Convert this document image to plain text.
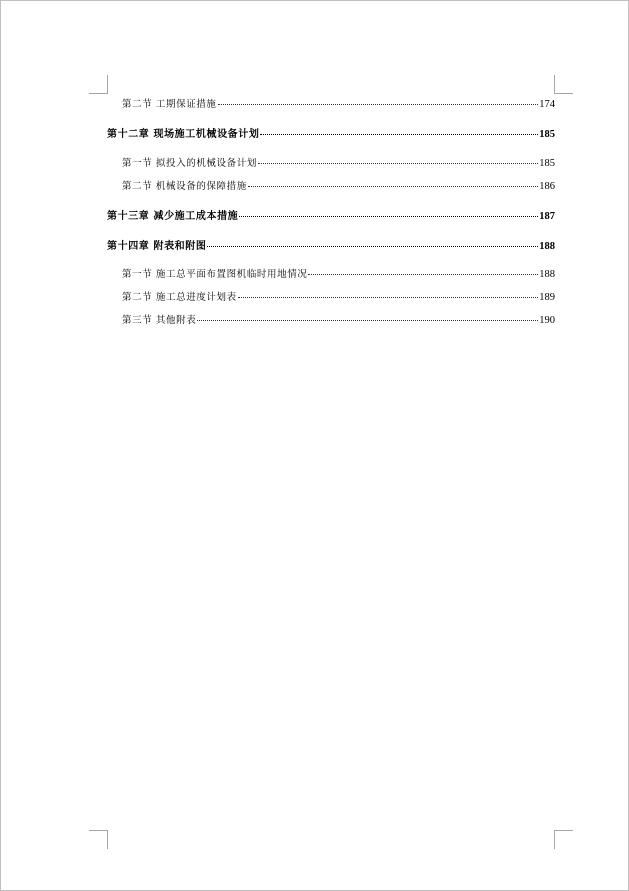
第二节 工期保证措施	174
第十二章 现场施工机械设备计划	185
第一节 拟投入的机械设备计划	185
第二节 机械设备的保障措施	186
第十三章 减少施工成本措施	187
第十四章 附表和附图	188
第一节 施工总平面布置图机临时用地情况	188
第二节 施工总进度计划表	189
第三节 其他附表	190
